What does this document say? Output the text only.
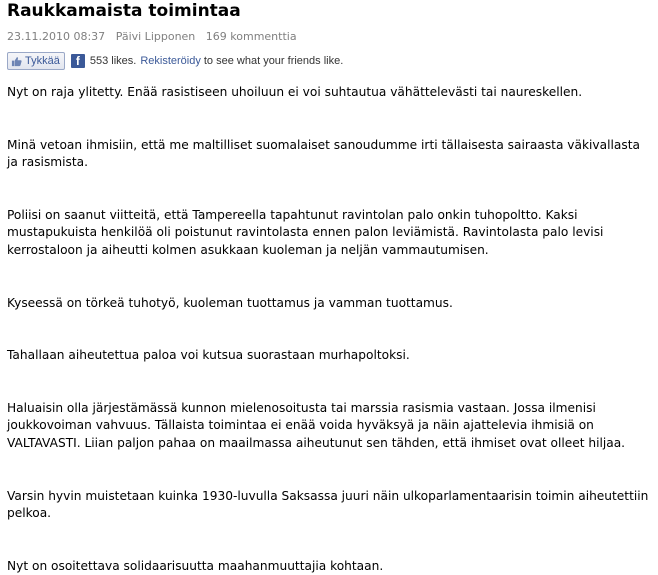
Raukkamaista toimintaa
23.11.2010 08:37 Päivi Lipponen 169 kommenttia
Tykkää	f 553 likes. Rekisteröidy to see what your friends like.

Nyt on raja ylitetty. Enää rasistiseen uhoiluun ei voi suhtautua vähättelevästi tai naureskellen.

Minä vetoan ihmisiin, että me maltilliset suomalaiset sanoudumme irti tällaisesta sairaasta väkivallasta ja rasismista.

Poliisi on saanut viitteitä, että Tampereella tapahtunut ravintolan palo onkin tuhopoltto. Kaksi mustapukuista henkilöä oli poistunut ravintolasta ennen palon leviämistä. Ravintolasta palo levisi kerrostaloon ja aiheutti kolmen asukkaan kuoleman ja neljän vammautumisen.

Kyseessä on törkeä tuhotyö, kuoleman tuottamus ja vamman tuottamus.

Tahallaan aiheutettua paloa voi kutsua suorastaan murhapoltoksi.

Haluaisin olla järjestämässä kunnon mielenosoitusta tai marssia rasismia vastaan. Jossa ilmenisi joukkovoiman vahvuus. Tällaista toimintaa ei enää voida hyväksyä ja näin ajattelevia ihmisiä on VALTAVASTI. Liian paljon pahaa on maailmassa aiheutunut sen tähden, että ihmiset ovat olleet hiljaa.

Varsin hyvin muistetaan kuinka 1930-luvulla Saksassa juuri näin ulkoparlamentaarisin toimin aiheutettiin pelkoa.

Nyt on osoitettava solidaarisuutta maahanmuuttajia kohtaan.
